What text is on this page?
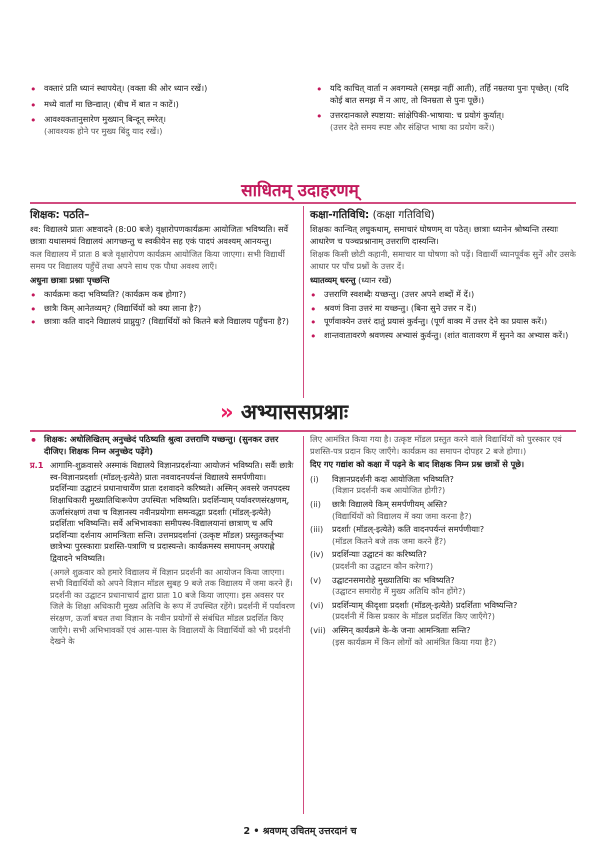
• वक्तारं प्रति ध्यानं स्थापयेत्। (वक्ता की ओर ध्यान रखें।)
• मध्ये वार्तां मा छिन्द्यात्। (बीच में बात न काटें।)
• आवश्यकतानुसारेण मुख्यान् बिन्दून् स्मरेत्।
(आवश्यक होने पर मुख्य बिंदु याद रखें।)
• यदि काचित् वार्ता न अवगम्यते (समझ नहीं आती), तर्हि नम्रतया पुनः पृच्छेत्। (यदि कोई बात समझ में न आए, तो विनम्रता से पुनः पूछें।)
• उत्तरदानकाले स्पष्टाया: सांक्षेपिकी-भाषाया: च प्रयोगं कुर्यात्।
(उत्तर देते समय स्पष्ट और संक्षिप्त भाषा का प्रयोग करें।)
साधितम् उदाहरणम्
शिक्षक: पठति–
श्व: विद्यालये प्रातः अष्टवादने (8:00 बजे) वृक्षारोपणकार्यक्रमः आयोजितः भविष्यति। सर्वे छात्राः यथासमयं विद्यालयं आगच्छन्तु च स्वकीयेन सह एकं पादपं अवश्यम् आनयन्तु।
कल विद्यालय में प्रातः 8 बजे वृक्षारोपण कार्यक्रम आयोजित किया जाएगा। सभी विद्यार्थी समय पर विद्यालय पहुँचें तथा अपने साथ एक पौधा अवश्य लाएँ।
अधुना छात्राः प्रश्नाः पृच्छन्ति
• कार्यक्रमः कदा भविष्यति? (कार्यक्रम कब होगा?)
• छात्रैः किम् आनेतव्यम्? (विद्यार्थियों को क्या लाना है?)
• छात्राः कति वादने विद्यालयं प्राप्नुयुः? (विद्यार्थियों को कितने बजे विद्यालय पहुँचना है?)
कक्षा-गतिविधि: (कक्षा गतिविधि)
शिक्षकः कान्चित् लघुकथाम्, समाचारं घोषणम् वा पठेत्। छात्राः ध्यानेन श्रोष्यन्ति तस्याः आधारेण च पञ्चप्रश्नानाम् उत्तराणि दास्यन्ति।
शिक्षक किसी छोटी कहानी, समाचार या घोषणा को पढ़ें। विद्यार्थी ध्यानपूर्वक सुनें और उसके आधार पर पाँच प्रश्नों के उत्तर दें।
ध्यातव्यम् धरन्तु (ध्यान रखें)
• उत्तराणि स्वशब्दैः यच्छन्तु। (उत्तर अपने शब्दों में दें।)
• श्रवणं विना उत्तरं मा यच्छन्तु। (बिना सुने उत्तर न दें।)
• पूर्णवाक्येन उत्तरं दातुं प्रयासं कुर्वन्तु। (पूर्ण वाक्य में उत्तर देने का प्रयास करें।)
• शान्तवातावरणे श्रवणस्य अभ्यासं कुर्वन्तु। (शांत वातावरण में सुनने का अभ्यास करें।)
» अभ्याससप्रश्नाः
• शिक्षक: अधोलिखितम् अनुच्छेदं पठिष्यति श्रुत्वा उत्तराणि यच्छन्तु। (सुनकर उत्तर दीजिए। शिक्षक निम्न अनुच्छेद पढ़ेंगे)
प्र.1 आगामि-शुक्रवासरे अस्माकं विद्यालये विज्ञानप्रदर्शन्याः आयोजनं भविष्यति। सर्वैः छात्रैः स्व-विज्ञानप्रदर्शाः (मॉडल्-इत्येते) प्रातः नववादनपर्यन्तं विद्यालये समर्पणीयाः। प्रदर्शिन्याः उद्घाटनं प्रधानाचार्येण प्रातः दशवादने करिष्यते। अस्मिन् अवसरे जनपदस्य शिक्षाधिकारी मुख्यातिथिःरूपेण उपस्थितः भविष्यति। प्रदर्शिन्याम् पर्यावरणसंरक्षणम्, ऊर्जासंरक्षणं तथा च विज्ञानस्य नवीनप्रयोगाः समन्वद्धाः प्रदर्शाः (मॉडल्-इत्येते) प्रदर्शिताः भविष्यन्ति। सर्वे अभिभावकाः समीपस्थ-विद्यालयानां छात्राण् च अपि प्रदर्शिन्याः दर्शनाय आमन्त्रिताः सन्ति। उत्तमप्रदर्शानां (उत्कृष्ट मॉडल) प्रस्तुतकर्तृभ्यः छात्रेभ्यः पुरस्काराः प्रशस्ति-पत्राणि च प्रदास्यन्ते। कार्यक्रमस्य समापनम् अपराह्णे द्विवादने भविष्यति।
(अगले शुक्रवार को हमारे विद्यालय में विज्ञान प्रदर्शनी का आयोजन किया जाएगा। सभी विद्यार्थियों को अपने विज्ञान मॉडल सुबह 9 बजे तक विद्यालय में जमा करने हैं। प्रदर्शनी का उद्घाटन प्रधानाचार्य द्वारा प्रातः 10 बजे किया जाएगा। इस अवसर पर जिले के शिक्षा अधिकारी मुख्य अतिथि के रूप में उपस्थित रहेंगे। प्रदर्शनी में पर्यावरण संरक्षण, ऊर्जा बचत तथा विज्ञान के नवीन प्रयोगों से संबंधित मॉडल प्रदर्शित किए जाएँगे। सभी अभिभावकों एवं आस-पास के विद्यालयों के विद्यार्थियों को भी प्रदर्शनी देखने के
लिए आमंत्रित किया गया है। उत्कृष्ट मॉडल प्रस्तुत करने वाले विद्यार्थियों को पुरस्कार एवं प्रशस्ति-पत्र प्रदान किए जाएँगे। कार्यक्रम का समापन दोपहर 2 बजे होगा।)
दिए गए गद्यांश को कक्षा में पढ़ने के बाद शिक्षक निम्न प्रश्न छात्रों से पूछे।
(i) विज्ञानप्रदर्शनी कदा आयोजिता भविष्यति?
(विज्ञान प्रदर्शनी कब आयोजित होगी?)
(ii) छात्रैः विद्यालये किम् समर्पणीयम् अस्ति?
(विद्यार्थियों को विद्यालय में क्या जमा करना है?)
(iii) प्रदर्शाः (मॉडल्-इत्येते) कति वादनपर्यन्तं समर्पणीयाः?
(मॉडल कितने बजे तक जमा करने हैं?)
(iv) प्रदर्शिन्याः उद्घाटनं कः करिष्यति?
(प्रदर्शनी का उद्घाटन कौन करेगा?)
(v) उद्घाटनसमारोहे मुख्यातिथिः कः भविष्यति?
(उद्घाटन समारोह में मुख्य अतिथि कौन होंगे?)
(vi) प्रदर्शिन्याम् कीदृशाः प्रदर्शाः (मॉडल्-इत्येते) प्रदर्शिताः भविष्यन्ति?
(प्रदर्शनी में किस प्रकार के मॉडल प्रदर्शित किए जाएँगे?)
(vii) अस्मिन् कार्यक्रमे के-के जनाः आमन्त्रिताः सन्ति?
(इस कार्यक्रम में किन लोगों को आमंत्रित किया गया है?)
2 • श्रवणम् उचितम् उत्तरदानं च
